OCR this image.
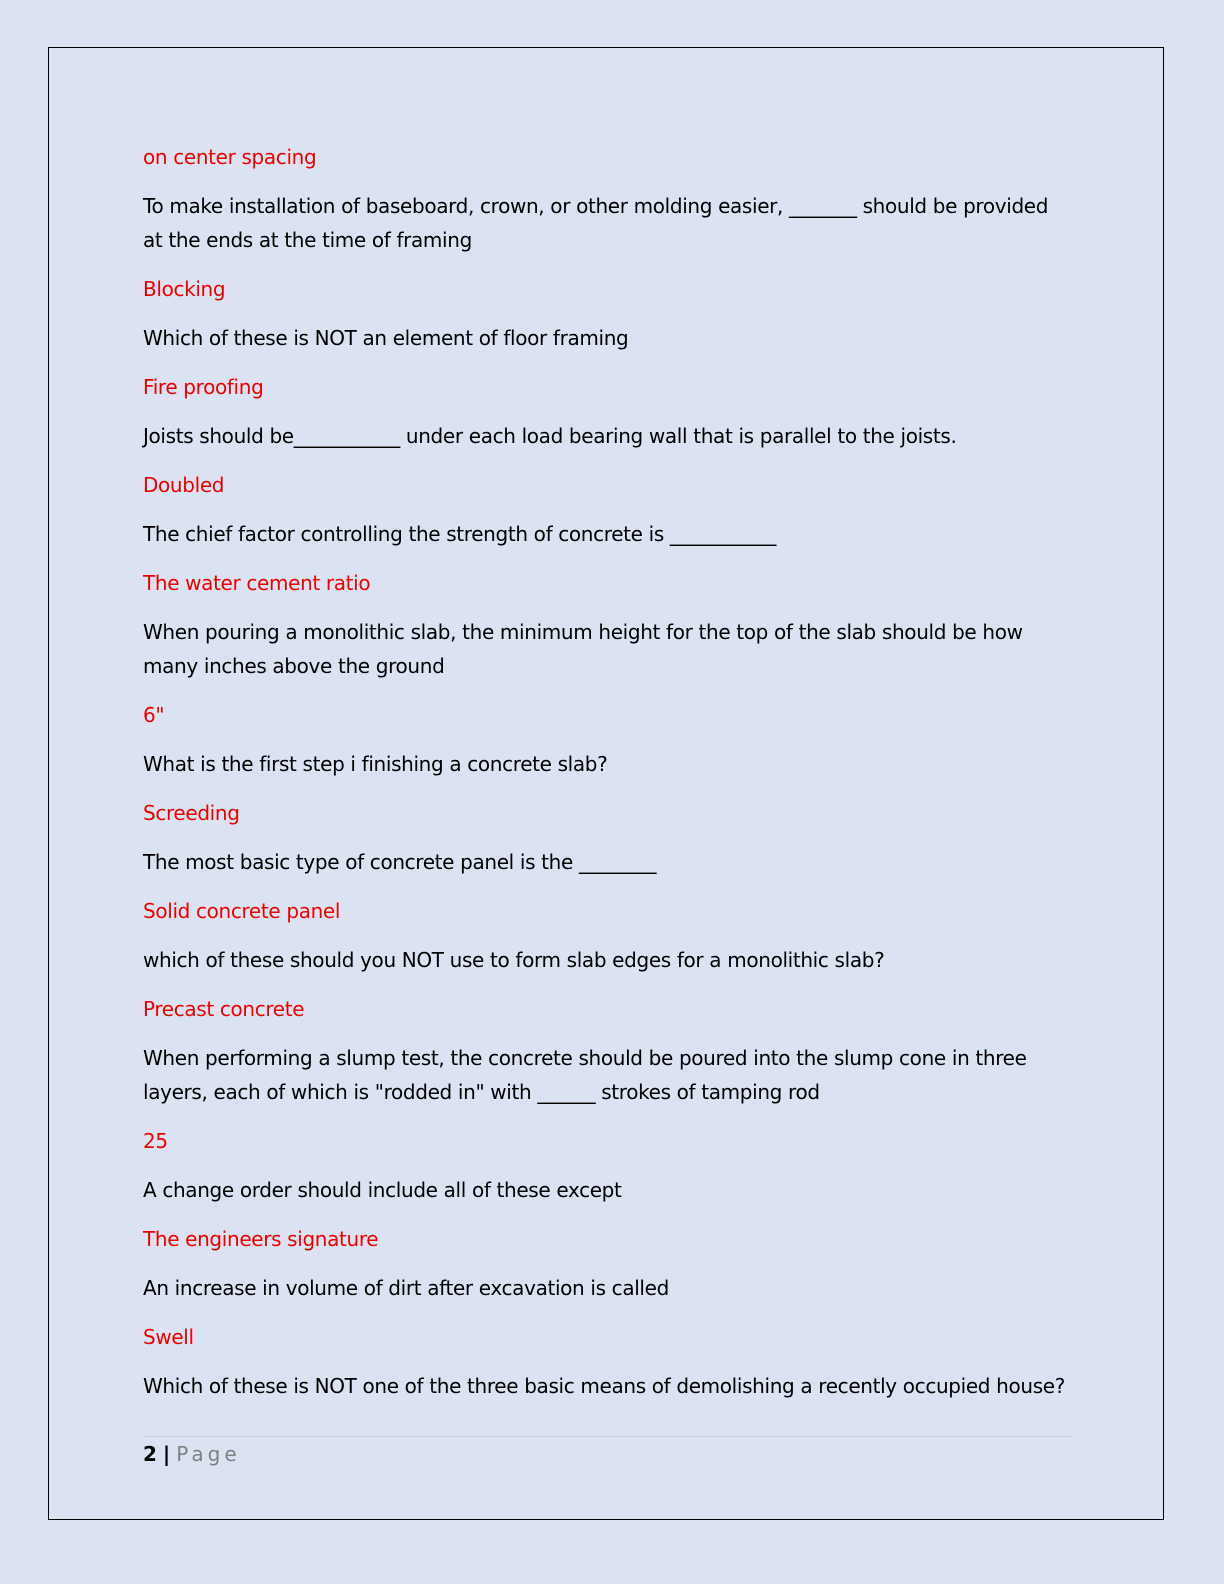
on center spacing

To make installation of baseboard, crown, or other molding easier, _______ should be provided at the ends at the time of framing

Blocking

Which of these is NOT an element of floor framing

Fire proofing

Joists should be___________ under each load bearing wall that is parallel to the joists.

Doubled

The chief factor controlling the strength of concrete is ___________

The water cement ratio

When pouring a monolithic slab, the minimum height for the top of the slab should be how many inches above the ground

6"

What is the first step i finishing a concrete slab?

Screeding

The most basic type of concrete panel is the ________

Solid concrete panel

which of these should you NOT use to form slab edges for a monolithic slab?

Precast concrete

When performing a slump test, the concrete should be poured into the slump cone in three layers, each of which is "rodded in" with ______ strokes of tamping rod

25

A change order should include all of these except

The engineers signature

An increase in volume of dirt after excavation is called

Swell

Which of these is NOT one of the three basic means of demolishing a recently occupied house?

2 | Page
